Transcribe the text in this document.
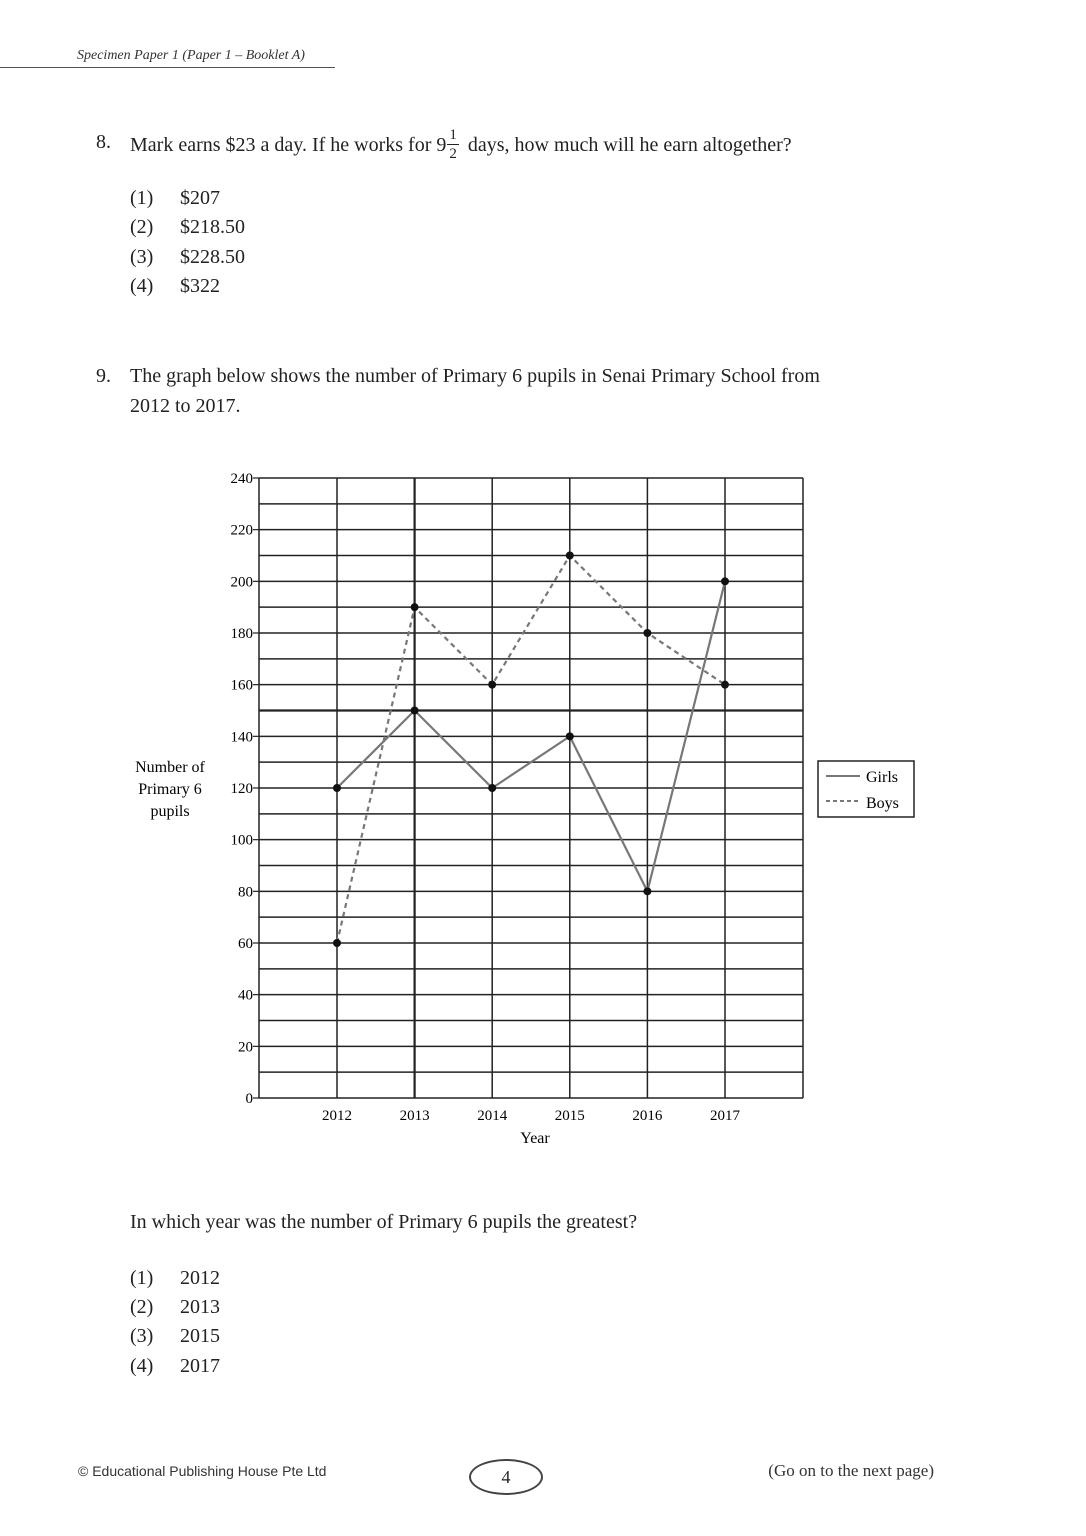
Specimen Paper 1 (Paper 1 – Booklet A)
8. Mark earns $23 a day. If he works for $9 \frac{1}{2}$ days, how much will he earn altogether?
(1) $207
(2) $218.50
(3) $228.50
(4) $322
9. The graph below shows the number of Primary 6 pupils in Senai Primary School from
2012 to 2017.
0
20
40
60
80
100
120
140
160
180
200
220
240
2012	2013	2014	2015	2016	2017
Number of
Primary 6
pupils
Year
Girls
Boys
In which year was the number of Primary 6 pupils the greatest?
(1) 2012
(2) 2013
(3) 2015
(4) 2017
© Educational Publishing House Pte Ltd	4	(Go on to the next page)
